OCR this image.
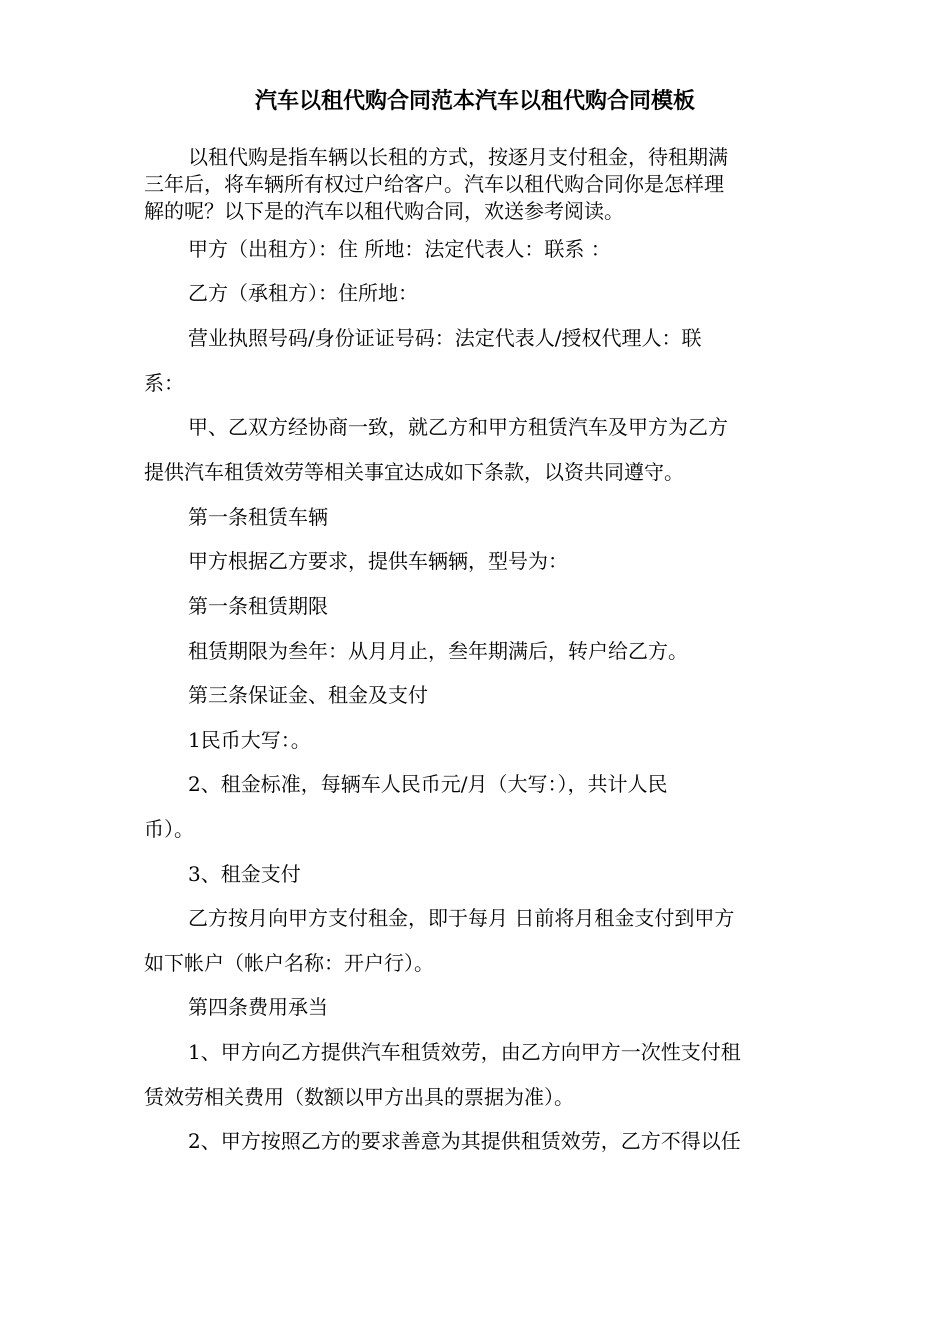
汽车以租代购合同范本汽车以租代购合同模板
以租代购是指车辆以长租的方式，按逐月支付租金，待租期满
三年后，将车辆所有权过户给客户。汽车以租代购合同你是怎样理
解的呢？以下是的汽车以租代购合同，欢送参考阅读。
甲方（出租方）：住 所地：法定代表人：联系 ：
乙方（承租方）：住所地：
营业执照号码/身份证证号码：法定代表人/授权代理人：联
系：
甲、乙双方经协商一致，就乙方和甲方租赁汽车及甲方为乙方
提供汽车租赁效劳等相关事宜达成如下条款，以资共同遵守。
第一条租赁车辆
甲方根据乙方要求，提供车辆辆，型号为：
第一条租赁期限
租赁期限为叁年：从月月止，叁年期满后，转户给乙方。
第三条保证金、租金及支付
1民币大写：。
2、租金标准，每辆车人民币元/月（大写：），共计人民
币）。
3、租金支付
乙方按月向甲方支付租金，即于每月 日前将月租金支付到甲方
如下帐户（帐户名称：开户行）。
第四条费用承当
1、甲方向乙方提供汽车租赁效劳，由乙方向甲方一次性支付租
赁效劳相关费用（数额以甲方出具的票据为准）。
2、甲方按照乙方的要求善意为其提供租赁效劳，乙方不得以任
